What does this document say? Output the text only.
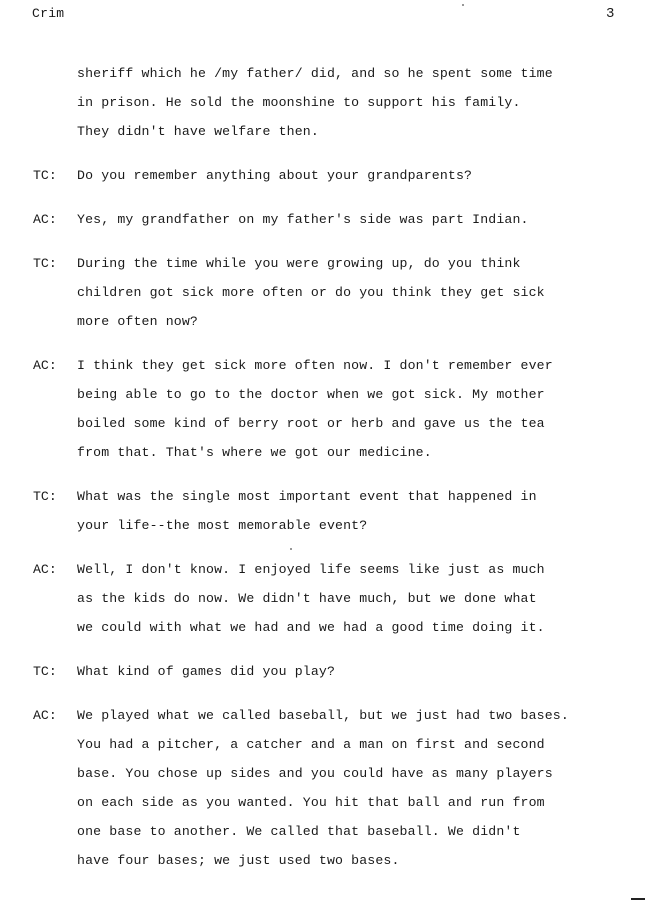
Crim	3
sheriff which he /my father/ did, and so he spent some time
in prison. He sold the moonshine to support his family.
They didn't have welfare then.
TC: Do you remember anything about your grandparents?
AC: Yes, my grandfather on my father's side was part Indian.
TC: During the time while you were growing up, do you think
children got sick more often or do you think they get sick
more often now?
AC: I think they get sick more often now. I don't remember ever
being able to go to the doctor when we got sick. My mother
boiled some kind of berry root or herb and gave us the tea
from that. That's where we got our medicine.
TC: What was the single most important event that happened in
your life--the most memorable event?
AC: Well, I don't know. I enjoyed life seems like just as much
as the kids do now. We didn't have much, but we done what
we could with what we had and we had a good time doing it.
TC: What kind of games did you play?
AC: We played what we called baseball, but we just had two bases.
You had a pitcher, a catcher and a man on first and second
base. You chose up sides and you could have as many players
on each side as you wanted. You hit that ball and run from
one base to another. We called that baseball. We didn't
have four bases; we just used two bases.
